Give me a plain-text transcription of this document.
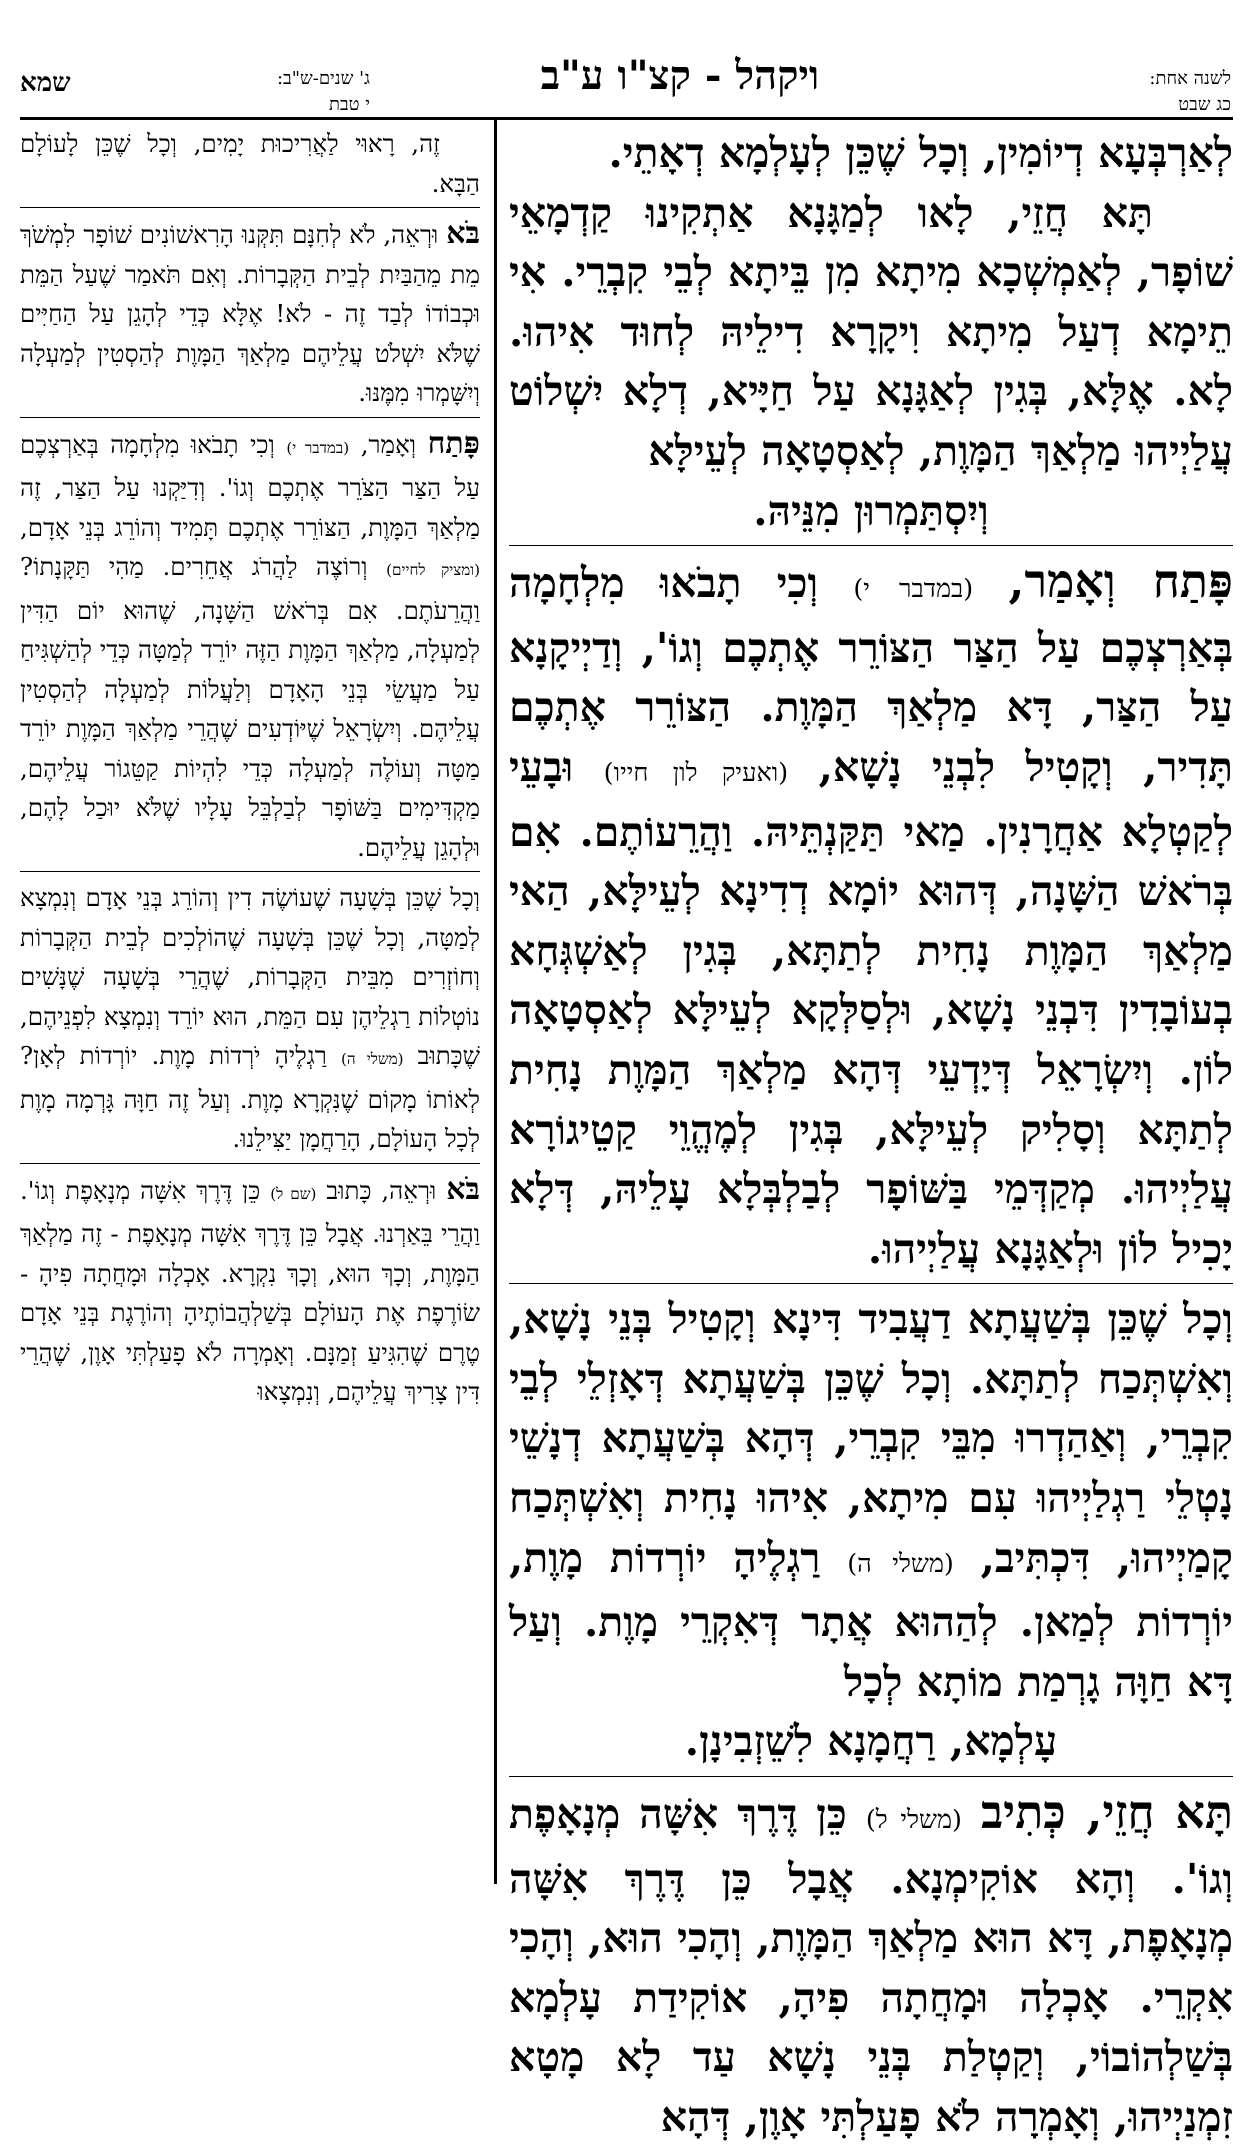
לשנה אחת:
כג שבט
ויקהל - קצ"ו ע"ב
ג' שנים-ש"ב:
י טבת
שמא

לְאַרְבְּעָא דְיוֹמִין, וְכָל שֶׁכֵּן לְעָלְמָא דְאָתֵי.

תָּא חֲזֵי, לָאו לְמַגָּנָא אַתְקִינוּ קַדְמָאֵי שׁוֹפָר, לְאַמְשְׁכָא מִיתָא מִן בֵּיתָא לְבֵי קִבְרֵי. אִי תֵימָא דְעַל מִיתָא וִיקָרָא דִילֵיהּ לְחוּד אִיהוּ. לָא. אֶלָּא, בְּגִין לְאַגָּנָא עַל חַיָּיא, דְלָא יִשְׁלוֹט עֲלַיְיהוּ מַלְאַךְ הַמָּוֶת, לְאַסְטָאָה לְעֵילָּא

וְיִסְתַּמְרוּן מִנֵּיהּ.

פָּתַח וְאָמַר, (במדבר י) וְכִי תָבֹאוּ מִלְחָמָה בְּאַרְצְכֶם עַל הַצַּר הַצּוֹרֵר אֶתְכֶם וְגוֹ', וְדַיְיקָנָא עַל הַצַּר, דָּא מַלְאַךְ הַמָּוֶת. הַצּוֹרֵר אֶתְכֶם תָּדִיר, וְקָטִיל לִבְנֵי נָשָׁא, (ואעיק לון חייו) וּבָעֵי לְקַטְלָא אַחֲרָנִין. מַאי תַּקַּנְתֵּיהּ. וַהֲרֵעוֹתֶם. אִם בְּרֹאשׁ הַשָּׁנָה, דְּהוּא יוֹמָא דְדִינָא לְעֵילָּא, הַאי מַלְאַךְ הַמָּוֶת נָחִית לְתַתָּא, בְּגִין לְאַשְׁגְּחָא בְעוֹבָדִין דִּבְנֵי נָשָׁא, וּלְסַלְּקָא לְעֵילָּא לְאַסְטָאָה לוֹן. וְיִשְׂרָאֵל דְּיָדְעֵי דְּהָא מַלְאַךְ הַמָּוֶת נָחִית לְתַתָּא וְסָלִיק לְעֵילָּא, בְּגִין לְמֶהֱוֵי קַטֵיגוֹרָא עֲלַיְיהוּ. מְקַדְּמֵי בַּשּׁוֹפָר לְבַלְבְּלָא עָלֵיהּ, דְּלָא יָכִיל לוֹן וּלְאַגָּנָא עֲלַיְיהוּ.

וְכָל שֶׁכֵּן בְּשַׁעֲתָא דַעֲבִיד דִּינָא וְקָטִיל בְּנֵי נָשָׁא, וְאִשְׁתְּכַח לְתַתָּא. וְכָל שֶׁכֵּן בְּשַׁעֲתָא דְּאָזְלֵי לְבֵי קִבְרֵי, וְאַהַדְרוּ מִבֵּי קִבְרֵי, דְּהָא בְּשַׁעֲתָא דְנָשֵׁי נָטְלֵי רַגְלַיְיהוּ עִם מִיתָא, אִיהוּ נָחִית וְאִשְׁתְּכַח קָמַיְיהוּ, דִּכְתִּיב, (משלי ה) רַגְלֶיהָ יוֹרְדוֹת מָוֶת, יוֹרְדוֹת לְמַאן. לְהַהוּא אֲתָר דְּאִקְרֵי מָוֶת. וְעַל דָּא חַוָּה גָרְמַת מוֹתָא לְכָל

עָלְמָא, רַחֲמָנָא לִשֵׁזְבִינָן.

תָּא חֲזֵי, כְּתִיב (משלי ל) כֵּן דֶּרֶךְ אִשָּׁה מְנָאָפֶת וְגוֹ'. וְהָא אוֹקִימְנָא. אֲבָל כֵּן דֶּרֶךְ אִשָּׁה מְנָאָפֶת, דָּא הוּא מַלְאַךְ הַמָּוֶת, וְהָכִי הוּא, וְהָכִי אִקְרֵי. אָכְלָה וּמָחֲתָה פִיהָ, אוֹקִידַת עָלְמָא בְּשַׁלְהוֹבוֹי, וְקַטְלַת בְּנֵי נָשָׁא עַד לָא מָטָא זִמְנַיְיהוּ, וְאָמְרָה לֹא פָעַלְתִּי אָוֶן, דְּהָא

זֶה, רָאוּי לַאֲרִיכוּת יָמִים, וְכָל שֶׁכֵּן לָעוֹלָם הַבָּא.

בֹּא וּרְאֵה, לֹא לְחִנָּם תִּקְּנוּ הָרִאשׁוֹנִים שׁוֹפָר לִמְשֹׁךְ מֵת מֵהַבַּיִת לְבֵית הַקְּבָרוֹת. וְאִם תֹּאמַר שֶׁעַל הַמֵּת וּכְבוֹדוֹ לְבַד זֶה - לֹא! אֶלָּא כְּדֵי לְהָגֵן עַל הַחַיִּים שֶׁלֹּא יִשְׁלֹט עֲלֵיהֶם מַלְאַךְ הַמָּוֶת לְהַסְטִין לְמַעְלָה וְיִשָּׁמְרוּ מִמֶּנּוּ.

פָּתַח וְאָמַר, (במדבר י) וְכִי תָבֹאוּ מִלְחָמָה בְּאַרְצְכֶם עַל הַצַּר הַצֹּרֵר אֶתְכֶם וְגוֹ'. וְדִיַּקְנוּ עַל הַצַּר, זֶה מַלְאַךְ הַמָּוֶת, הַצּוֹרֵר אֶתְכֶם תָּמִיד וְהוֹרֵג בְּנֵי אָדָם, (ומציק לחיים) וְרוֹצֶה לַהֲרֹג אֲחֵרִים. מַהִי תַּקָּנָתוֹ? וַהֲרֵעֹתֶם. אִם בְּרֹאשׁ הַשָּׁנָה, שֶׁהוּא יוֹם הַדִּין לְמַעְלָה, מַלְאַךְ הַמָּוֶת הַזֶּה יוֹרֵד לְמַטָּה כְּדֵי לְהַשְׁגִּיחַ עַל מַעֲשֵׂי בְּנֵי הָאָדָם וְלַעֲלוֹת לְמַעְלָה לְהַסְטִין עֲלֵיהֶם. וְיִשְׂרָאֵל שֶׁיּוֹדְעִים שֶׁהֲרֵי מַלְאַךְ הַמָּוֶת יוֹרֵד מַטָּה וְעוֹלֶה לְמַעְלָה כְּדֵי לִהְיוֹת קַטֵּגוֹר עֲלֵיהֶם, מַקְדִּימִים בַּשּׁוֹפָר לְבַלְבֵּל עָלָיו שֶׁלֹּא יוּכַל לָהֶם, וּלְהָגֵן עֲלֵיהֶם.

וְכָל שֶׁכֵּן בְּשָׁעָה שֶׁעוֹשֶׂה דִין וְהוֹרֵג בְּנֵי אָדָם וְנִמְצָא לְמַטָּה, וְכָל שֶׁכֵּן בְּשָׁעָה שֶׁהוֹלְכִים לְבֵית הַקְּבָרוֹת וְחוֹזְרִים מִבֵּית הַקְּבָרוֹת, שֶׁהֲרֵי בְּשָׁעָה שֶׁנָּשִׁים נוֹטְלוֹת רַגְלֵיהֶן עִם הַמֵּת, הוּא יוֹרֵד וְנִמְצָא לִפְנֵיהֶם, שֶׁכָּתוּב (משלי ה) רַגְלֶיהָ יֹרְדוֹת מָוֶת. יוֹרְדוֹת לְאָן? לְאוֹתוֹ מָקוֹם שֶׁנִּקְרָא מָוֶת. וְעַל זֶה חַוָּה גָּרְמָה מָוֶת לְכָל הָעוֹלָם, הָרַחֲמָן יַצִּילֵנוּ.

בֹּא וּרְאֵה, כָּתוּב (שם ל) כֵּן דֶּרֶךְ אִשָּׁה מְנָאָפֶת וְגוֹ'. וַהֲרֵי בֵּאַרְנוּ. אֲבָל כֵּן דֶּרֶךְ אִשָּׁה מְנָאָפֶת - זֶה מַלְאַךְ הַמָּוֶת, וְכָךְ הוּא, וְכָךְ נִקְרָא. אָכְלָה וּמָחֲתָה פִיהָ - שׂוֹרֶפֶת אֶת הָעוֹלָם בְּשַׁלְהֲבוֹתֶיהָ וְהוֹרֶגֶת בְּנֵי אָדָם טֶרֶם שֶׁהִגִּיעַ זְמַנָּם. וְאָמְרָה לֹא פָעַלְתִּי אָוֶן, שֶׁהֲרֵי דִּין צָרִיךְ עֲלֵיהֶם, וְנִמְצָאוּ
